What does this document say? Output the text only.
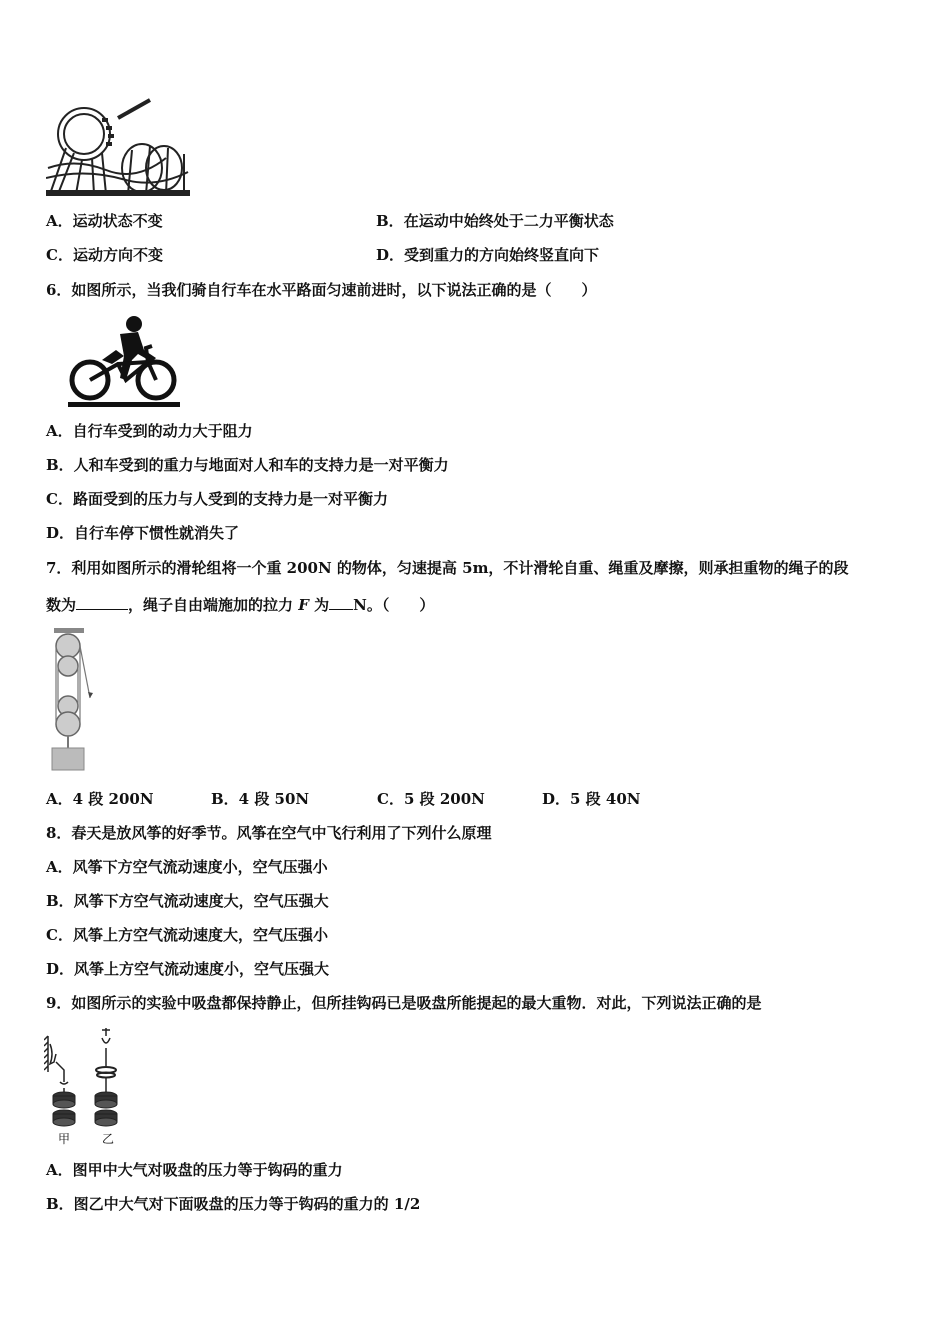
A．运动状态不变	B．在运动中始终处于二力平衡状态
C．运动方向不变	D．受到重力的方向始终竖直向下
6．如图所示，当我们骑自行车在水平路面匀速前进时，以下说法正确的是（　　）
A．自行车受到的动力大于阻力
B．人和车受到的重力与地面对人和车的支持力是一对平衡力
C．路面受到的压力与人受到的支持力是一对平衡力
D．自行车停下惯性就消失了
7．利用如图所示的滑轮组将一个重 200N 的物体，匀速提高 5m，不计滑轮自重、绳重及摩擦，则承担重物的绳子的段
数为	，绳子自由端施加的拉力 F 为 N。（　　）
A．4 段 200N	B．4 段 50N	C．5 段 200N	D．5 段 40N
8．春天是放风筝的好季节。风筝在空气中飞行利用了下列什么原理
A．风筝下方空气流动速度小，空气压强小
B．风筝下方空气流动速度大，空气压强大
C．风筝上方空气流动速度大，空气压强小
D．风筝上方空气流动速度小，空气压强大
9．如图所示的实验中吸盘都保持静止，但所挂钩码已是吸盘所能提起的最大重物．对此，下列说法正确的是
甲	乙
A．图甲中大气对吸盘的压力等于钩码的重力
B．图乙中大气对下面吸盘的压力等于钩码的重力的 1/2
